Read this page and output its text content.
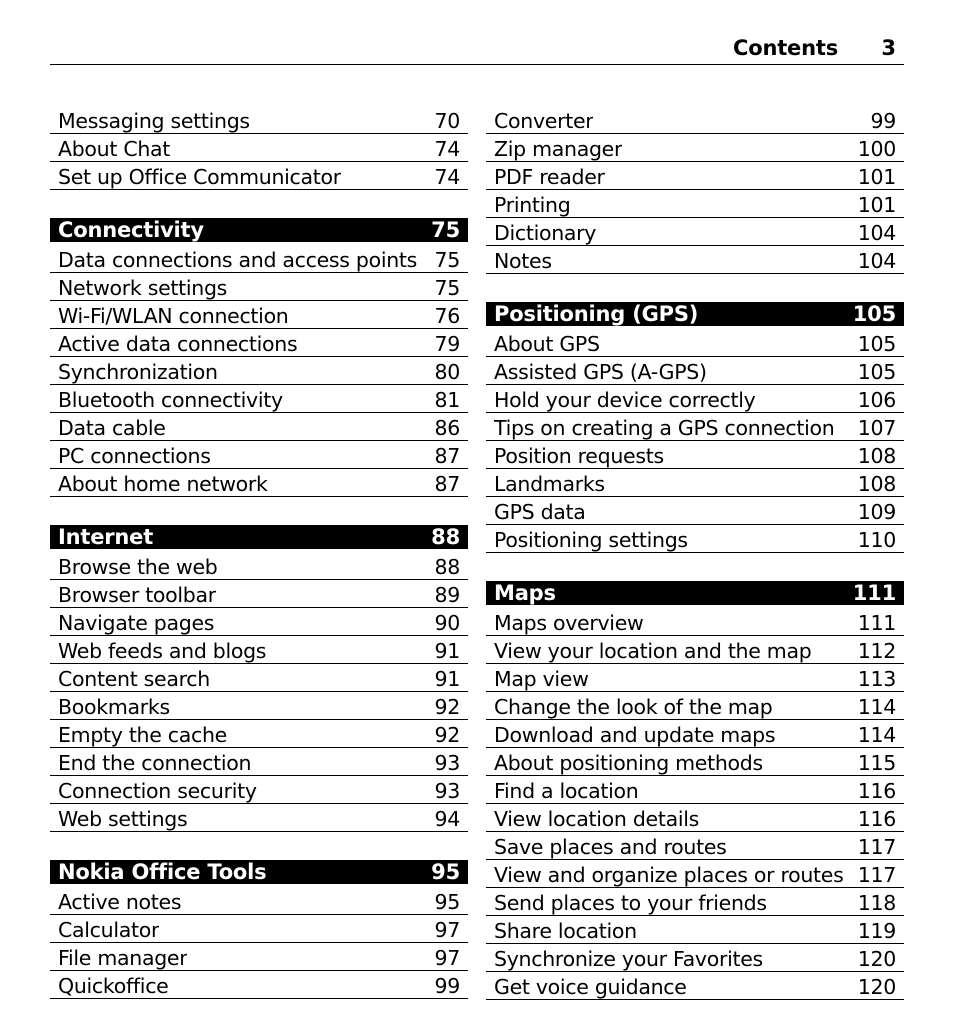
Contents 3
Messaging settings	70
About Chat	74
Set up Office Communicator	74
Connectivity	75
Data connections and access points 75
Network settings	75
Wi-Fi/WLAN connection	76
Active data connections	79
Synchronization	80
Bluetooth connectivity	81
Data cable	86
PC connections	87
About home network	87
Internet	88
Browse the web	88
Browser toolbar	89
Navigate pages	90
Web feeds and blogs	91
Content search	91
Bookmarks	92
Empty the cache	92
End the connection	93
Connection security	93
Web settings	94
Nokia Office Tools	95
Active notes	95
Calculator	97
File manager	97
Quickoffice	99
Converter	99
Zip manager	100
PDF reader	101
Printing	101
Dictionary	104
Notes	104
Positioning (GPS)	105
About GPS	105
Assisted GPS (A-GPS)	105
Hold your device correctly	106
Tips on creating a GPS connection 107
Position requests	108
Landmarks	108
GPS data	109
Positioning settings	110
Maps	111
Maps overview	111
View your location and the map 112
Map view	113
Change the look of the map	114
Download and update maps	114
About positioning methods	115
Find a location	116
View location details	116
Save places and routes	117
View and organize places or routes 117
Send places to your friends	118
Share location	119
Synchronize your Favorites	120
Get voice guidance	120
